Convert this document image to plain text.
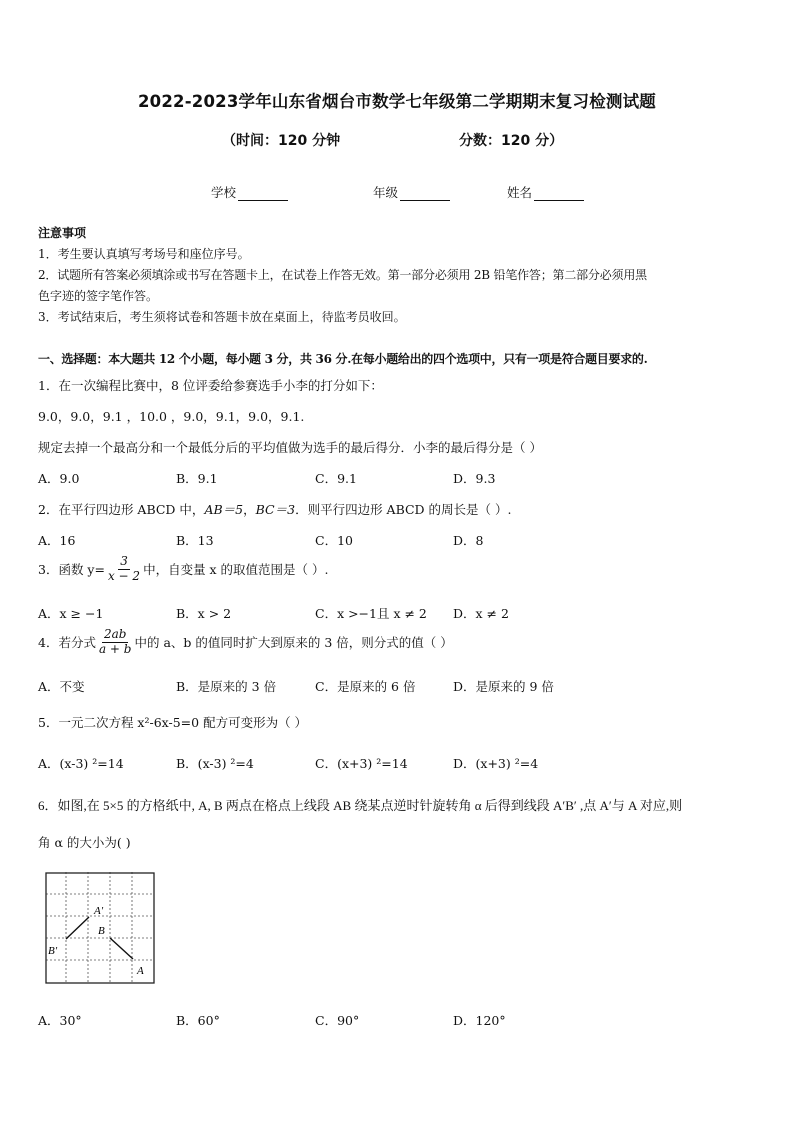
2022-2023学年山东省烟台市数学七年级第二学期期末复习检测试题
（时间：120 分钟	分数：120 分）
学校	年级	姓名
注意事项
1．考生要认真填写考场号和座位序号。
2．试题所有答案必须填涂或书写在答题卡上，在试卷上作答无效。第一部分必须用 2B 铅笔作答；第二部分必须用黑
色字迹的签字笔作答。
3．考试结束后，考生须将试卷和答题卡放在桌面上，待监考员收回。
一、选择题：本大题共 12 个小题，每小题 3 分，共 36 分.在每小题给出的四个选项中，只有一项是符合题目要求的.
1．在一次编程比赛中，8 位评委给参赛选手小李的打分如下：
9.0，9.0，9.1 ，10.0 ，9.0，9.1，9.0，9.1.
规定去掉一个最高分和一个最低分后的平均值做为选手的最后得分．小李的最后得分是（ ）
A．9.0	B．9.1	C．9.1	D．9.3
2．在平行四边形 ABCD 中，AB＝5，BC＝3．则平行四边形 ABCD 的周长是（ ）.
A．16	B．13	C．10	D．8
3．函数 $y= \frac{3}{x - 2}$ 中，自变量 x 的取值范围是（ ）.
A．x ≥ −1	B．x > 2	C．x >−1且 x ≠ 2 D．x ≠ 2
4．若分式 $\frac{2ab}{a + b}$ 中的 a、b 的值同时扩大到原来的 3 倍，则分式的值（ ）
A．不变	B．是原来的 3 倍	C．是原来的 6 倍	D．是原来的 9 倍
5．一元二次方程 x²-6x-5=0 配方可变形为（ ）
A．(x-3) ²=14	B．(x-3) ²=4	C．(x+3) ²=14	D．(x+3) ²=4
6．如图,在 5×5 的方格纸中, A, B 两点在格点上线段 AB 绕某点逆时针旋转角 α 后得到线段 A′B′ ,点 A′与 A 对应,则
角 α 的大小为( )
A′
B
B′
A
A．30°	B．60°	C．90°	D．120°
